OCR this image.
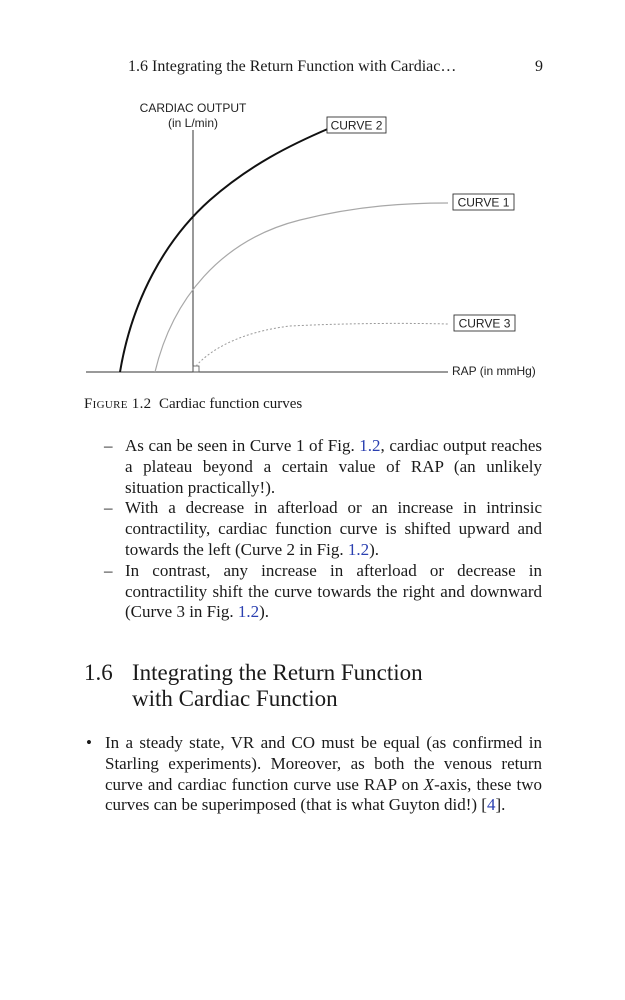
1.6 Integrating the Return Function with Cardiac…	9
CARDIAC OUTPUT
(in L/min)	CURVE 2
CURVE 1
CURVE 3
RAP (in mmHg)
Figure 1.2 Cardiac function curves
– As can be seen in Curve 1 of Fig. 1.2, cardiac output reaches a plateau beyond a certain value of RAP (an unlikely situation practically!).
– With a decrease in afterload or an increase in intrinsic contractility, cardiac function curve is shifted upward and towards the left (Curve 2 in Fig. 1.2).
– In contrast, any increase in afterload or decrease in contractility shift the curve towards the right and downward (Curve 3 in Fig. 1.2).
1.6 Integrating the Return Function
with Cardiac Function
• In a steady state, VR and CO must be equal (as confirmed in Starling experiments). Moreover, as both the venous return curve and cardiac function curve use RAP on X-axis, these two curves can be superimposed (that is what Guyton did!) [4].
